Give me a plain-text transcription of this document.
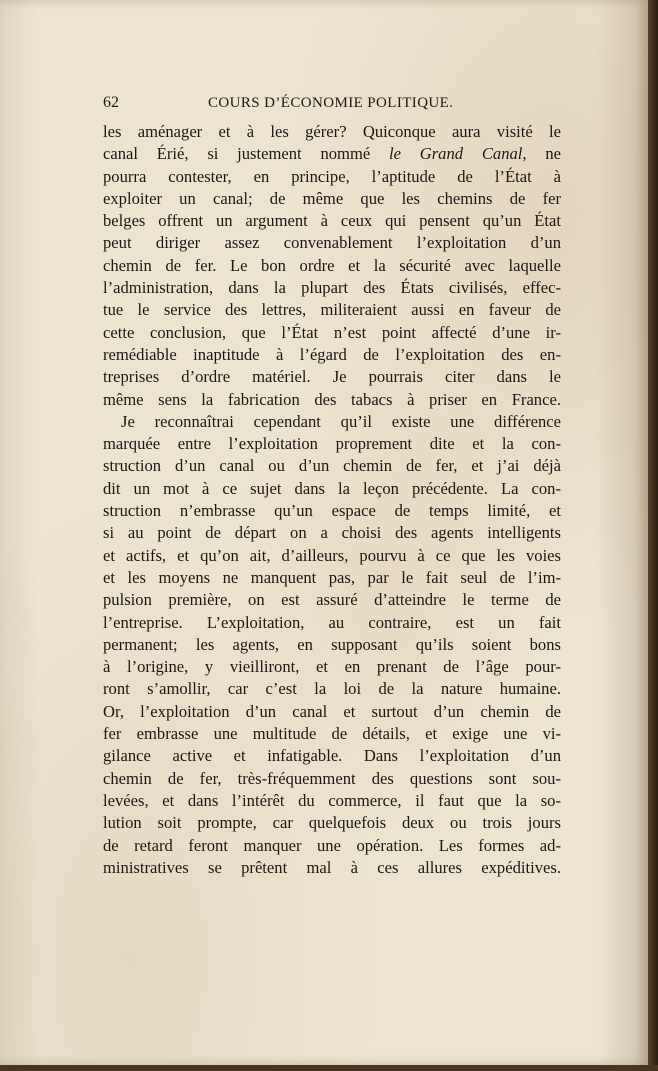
62	COURS D’ÉCONOMIE POLITIQUE.
les aménager et à les gérer? Quiconque aura visité le
canal Érié, si justement nommé le Grand Canal, ne
pourra contester, en principe, l’aptitude de l’État à
exploiter un canal; de même que les chemins de fer
belges offrent un argument à ceux qui pensent qu’un État
peut diriger assez convenablement l’exploitation d’un
chemin de fer. Le bon ordre et la sécurité avec laquelle
l’administration, dans la plupart des États civilisés, effec-
tue le service des lettres, militeraient aussi en faveur de
cette conclusion, que l’État n’est point affecté d’une ir-
remédiable inaptitude à l’égard de l’exploitation des en-
treprises d’ordre matériel. Je pourrais citer dans le
même sens la fabrication des tabacs à priser en France.
Je reconnaîtrai cependant qu’il existe une différence
marquée entre l’exploitation proprement dite et la con-
struction d’un canal ou d’un chemin de fer, et j’ai déjà
dit un mot à ce sujet dans la leçon précédente. La con-
struction n’embrasse qu’un espace de temps limité, et
si au point de départ on a choisi des agents intelligents
et actifs, et qu’on ait, d’ailleurs, pourvu à ce que les voies
et les moyens ne manquent pas, par le fait seul de l’im-
pulsion première, on est assuré d’atteindre le terme de
l’entreprise. L’exploitation, au contraire, est un fait
permanent; les agents, en supposant qu’ils soient bons
à l’origine, y vieilliront, et en prenant de l’âge pour-
ront s’amollir, car c’est la loi de la nature humaine.
Or, l’exploitation d’un canal et surtout d’un chemin de
fer embrasse une multitude de détails, et exige une vi-
gilance active et infatigable. Dans l’exploitation d’un
chemin de fer, très-fréquemment des questions sont sou-
levées, et dans l’intérêt du commerce, il faut que la so-
lution soit prompte, car quelquefois deux ou trois jours
de retard feront manquer une opération. Les formes ad-
ministratives se prêtent mal à ces allures expéditives.
